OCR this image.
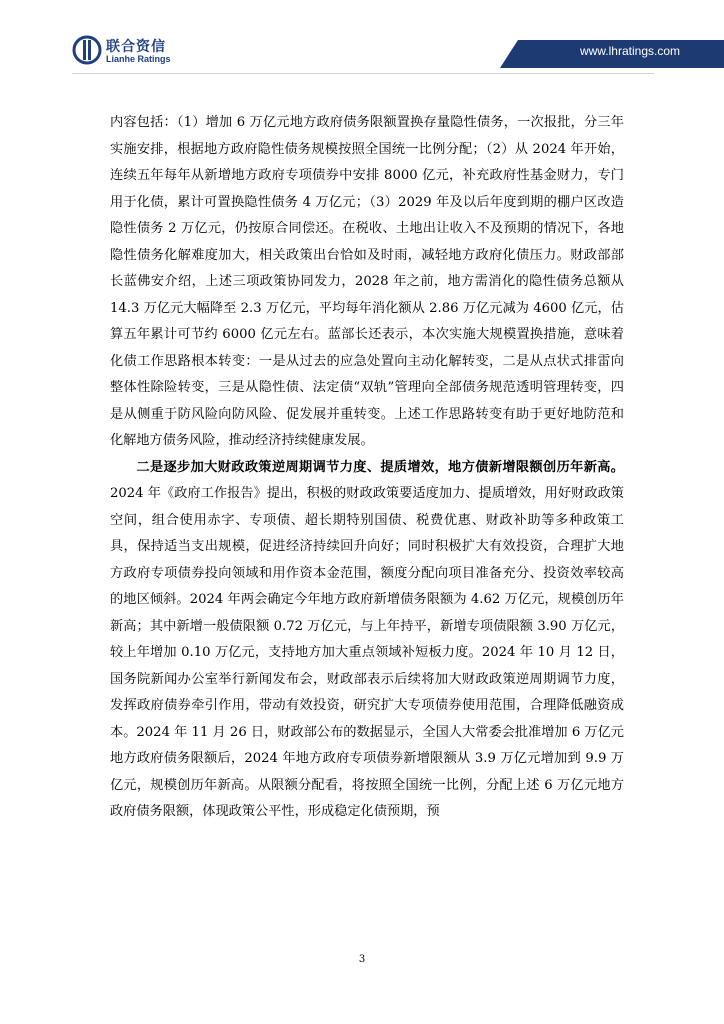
联合资信
Lianhe Ratings
www.lhratings.com

内容包括：（1）增加 6 万亿元地方政府债务限额置换存量隐性债务，一次报批，分三年实施安排，根据地方政府隐性债务规模按照全国统一比例分配；（2）从 2024 年开始，连续五年每年从新增地方政府专项债券中安排 8000 亿元，补充政府性基金财力，专门用于化债，累计可置换隐性债务 4 万亿元；（3）2029 年及以后年度到期的棚户区改造隐性债务 2 万亿元，仍按原合同偿还。在税收、土地出让收入不及预期的情况下，各地隐性债务化解难度加大，相关政策出台恰如及时雨，减轻地方政府化债压力。财政部部长蓝佛安介绍，上述三项政策协同发力，2028 年之前，地方需消化的隐性债务总额从 14.3 万亿元大幅降至 2.3 万亿元，平均每年消化额从 2.86 万亿元减为 4600 亿元，估算五年累计可节约 6000 亿元左右。蓝部长还表示，本次实施大规模置换措施，意味着化债工作思路根本转变：一是从过去的应急处置向主动化解转变，二是从点状式排雷向整体性除险转变，三是从隐性债、法定债“双轨”管理向全部债务规范透明管理转变，四是从侧重于防风险向防风险、促发展并重转变。上述工作思路转变有助于更好地防范和化解地方债务风险，推动经济持续健康发展。

二是逐步加大财政政策逆周期调节力度、提质增效，地方债新增限额创历年新高。2024 年《政府工作报告》提出，积极的财政政策要适度加力、提质增效，用好财政政策空间，组合使用赤字、专项债、超长期特别国债、税费优惠、财政补助等多种政策工具，保持适当支出规模，促进经济持续回升向好；同时积极扩大有效投资，合理扩大地方政府专项债券投向领域和用作资本金范围，额度分配向项目准备充分、投资效率较高的地区倾斜。2024 年两会确定今年地方政府新增债务限额为 4.62 万亿元，规模创历年新高；其中新增一般债限额 0.72 万亿元，与上年持平，新增专项债限额 3.90 万亿元，较上年增加 0.10 万亿元，支持地方加大重点领域补短板力度。2024 年 10 月 12 日，国务院新闻办公室举行新闻发布会，财政部表示后续将加大财政政策逆周期调节力度，发挥政府债券牵引作用，带动有效投资，研究扩大专项债券使用范围，合理降低融资成本。2024 年 11 月 26 日，财政部公布的数据显示，全国人大常委会批准增加 6 万亿元地方政府债务限额后，2024 年地方政府专项债券新增限额从 3.9 万亿元增加到 9.9 万亿元，规模创历年新高。从限额分配看，将按照全国统一比例，分配上述 6 万亿元地方政府债务限额，体现政策公平性，形成稳定化债预期，预

3
